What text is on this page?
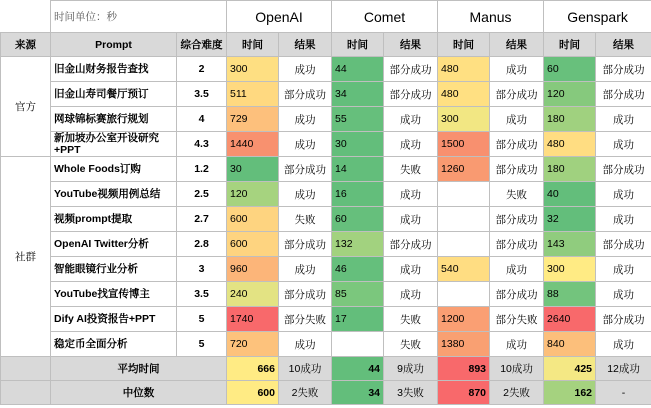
	时间单位：秒		OpenAI		Comet		Manus		Genspark	
来源	Prompt	综合难度	时间	结果	时间	结果	时间	结果	时间	结果
官方	旧金山财务报告查找	2	300	成功	44	部分成功	480	成功	60	部分成功
	旧金山寿司餐厅预订	3.5	511	部分成功	34	部分成功	480	部分成功	120	部分成功
	网球锦标赛旅行规划	4	729	成功	55	成功	300	成功	180	成功
	新加坡办公室开设研究+PPT	4.3	1440	成功	30	成功	1500	部分成功	480	成功
社群	Whole Foods订购	1.2	30	部分成功	14	失败	1260	部分成功	180	部分成功
	YouTube视频用例总结	2.5	120	成功	16	成功		失败	40	成功
	视频prompt提取	2.7	600	失败	60	成功		部分成功	32	成功
	OpenAI Twitter分析	2.8	600	部分成功	132	部分成功		部分成功	143	部分成功
	智能眼镜行业分析	3	960	成功	46	成功	540	成功	300	成功
	YouTube找宣传博主	3.5	240	部分成功	85	成功		部分成功	88	成功
	Dify AI投资报告+PPT	5	1740	部分失败	17	失败	1200	部分失败	2640	部分成功
	稳定币全面分析	5	720	成功		失败	1380	成功	840	成功
	平均时间		666	10成功	44	9成功	893	10成功	425	12成功
	中位数		600	2失败	34	3失败	870	2失败	162	-
